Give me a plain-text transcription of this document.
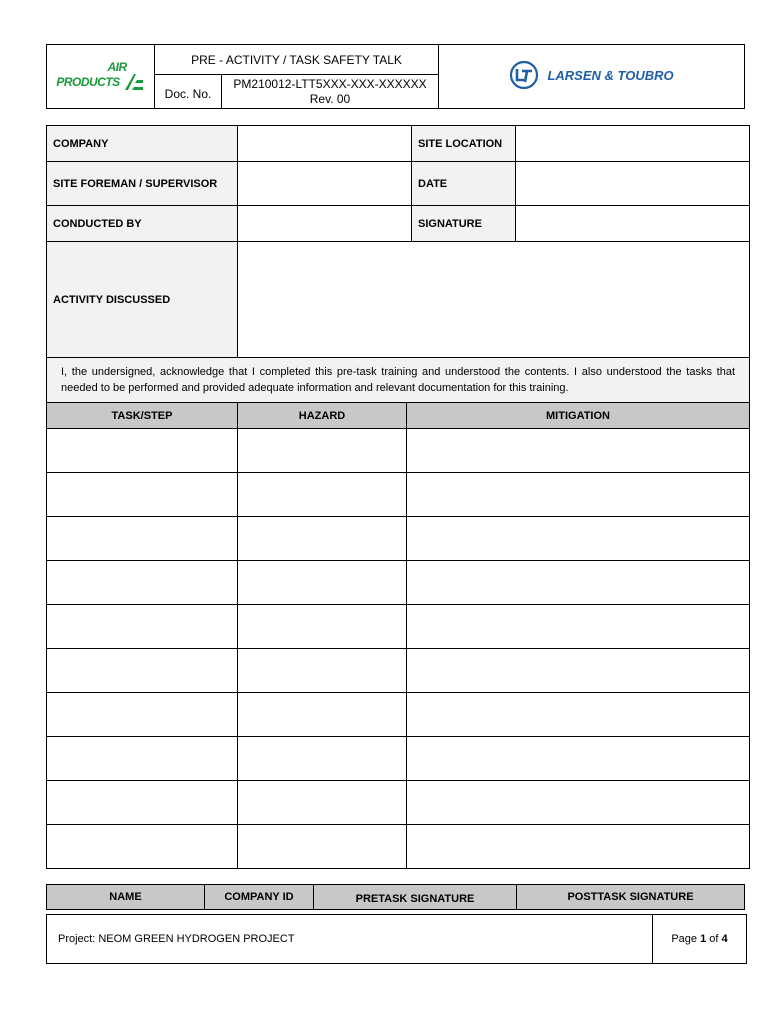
AIR
PRODUCTS	PRE - ACTIVITY / TASK SAFETY TALK		LARSEN & TOUBRO

	Doc. No.	PM210012-LTT5XXX-XXX-XXXXXX
Rev. 00	
COMPANY		SITE LOCATION	
SITE FOREMAN / SUPERVISOR		DATE	
CONDUCTED BY		SIGNATURE	
ACTIVITY DISCUSSED			
I, the undersigned, acknowledge that I completed this pre-task training and understood the contents. I also understood the tasks that needed to be performed and provided adequate information and relevant documentation for this training.			
TASK/STEP	HAZARD	MITIGATION

NAME	COMPANY ID	PRETASK SIGNATURE	POSTTASK SIGNATURE
Project: NEOM GREEN HYDROGEN PROJECT	Page 1 of 4
